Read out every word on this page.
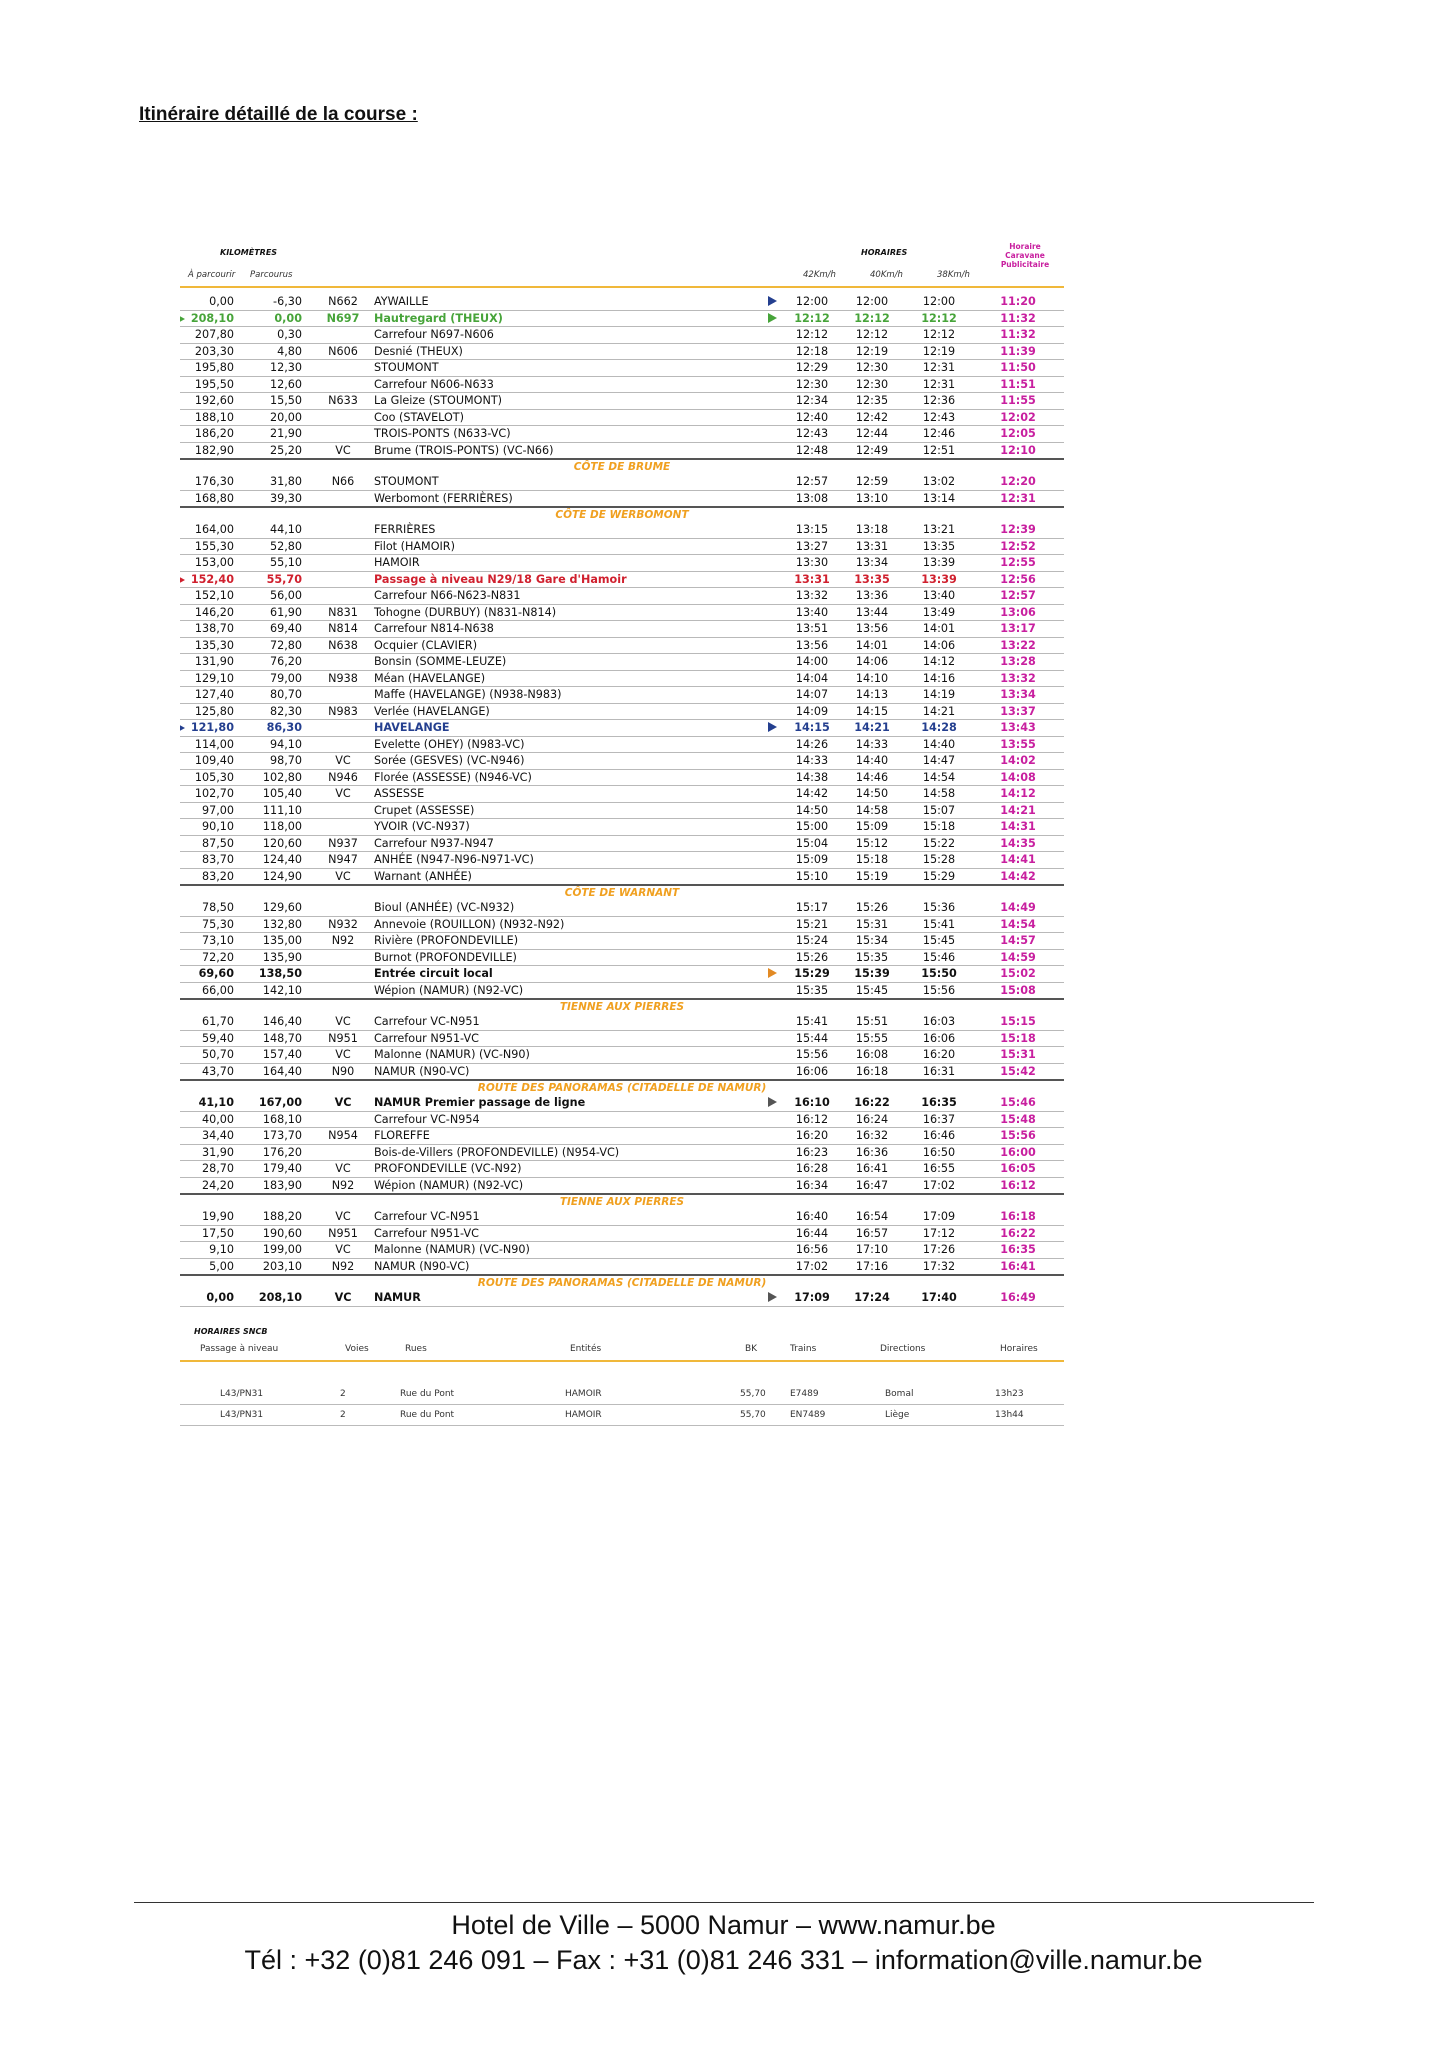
Itinéraire détaillé de la course :
KILOMÈTRES	HORAIRES
Horaire Caravane Publicitaire
À parcourir Parcourus	42Km/h	40Km/h	38Km/h
0,00	-6,30	N662	AYWAILLE		12:00	12:00	12:00	11:20
208,10	0,00	N697	Hautregard (THEUX)		12:12	12:12	12:12	11:32
207,80	0,30		Carrefour N697-N606		12:12	12:12	12:12	11:32
203,30	4,80	N606	Desnié (THEUX)		12:18	12:19	12:19	11:39
195,80	12,30		STOUMONT		12:29	12:30	12:31	11:50
195,50	12,60		Carrefour N606-N633		12:30	12:30	12:31	11:51
192,60	15,50	N633	La Gleize (STOUMONT)		12:34	12:35	12:36	11:55
188,10	20,00		Coo (STAVELOT)		12:40	12:42	12:43	12:02
186,20	21,90		TROIS-PONTS (N633-VC)		12:43	12:44	12:46	12:05
182,90	25,20	VC	Brume (TROIS-PONTS) (VC-N66)		12:48	12:49	12:51	12:10
CÔTE DE BRUME								
176,30	31,80	N66	STOUMONT		12:57	12:59	13:02	12:20
168,80	39,30		Werbomont (FERRIÈRES)		13:08	13:10	13:14	12:31
CÔTE DE WERBOMONT								
164,00	44,10		FERRIÈRES		13:15	13:18	13:21	12:39
155,30	52,80		Filot (HAMOIR)		13:27	13:31	13:35	12:52
153,00	55,10		HAMOIR		13:30	13:34	13:39	12:55
152,40	55,70		Passage à niveau N29/18 Gare d'Hamoir		13:31	13:35	13:39	12:56
152,10	56,00		Carrefour N66-N623-N831		13:32	13:36	13:40	12:57
146,20	61,90	N831	Tohogne (DURBUY) (N831-N814)		13:40	13:44	13:49	13:06
138,70	69,40	N814	Carrefour N814-N638		13:51	13:56	14:01	13:17
135,30	72,80	N638	Ocquier (CLAVIER)		13:56	14:01	14:06	13:22
131,90	76,20		Bonsin (SOMME-LEUZE)		14:00	14:06	14:12	13:28
129,10	79,00	N938	Méan (HAVELANGE)		14:04	14:10	14:16	13:32
127,40	80,70		Maffe (HAVELANGE) (N938-N983)		14:07	14:13	14:19	13:34
125,80	82,30	N983	Verlée (HAVELANGE)		14:09	14:15	14:21	13:37
121,80	86,30		HAVELANGE		14:15	14:21	14:28	13:43
114,00	94,10		Evelette (OHEY) (N983-VC)		14:26	14:33	14:40	13:55
109,40	98,70	VC	Sorée (GESVES) (VC-N946)		14:33	14:40	14:47	14:02
105,30	102,80	N946	Florée (ASSESSE) (N946-VC)		14:38	14:46	14:54	14:08
102,70	105,40	VC	ASSESSE		14:42	14:50	14:58	14:12
97,00	111,10		Crupet (ASSESSE)		14:50	14:58	15:07	14:21
90,10	118,00		YVOIR (VC-N937)		15:00	15:09	15:18	14:31
87,50	120,60	N937	Carrefour N937-N947		15:04	15:12	15:22	14:35
83,70	124,40	N947	ANHÉE (N947-N96-N971-VC)		15:09	15:18	15:28	14:41
83,20	124,90	VC	Warnant (ANHÉE)		15:10	15:19	15:29	14:42
CÔTE DE WARNANT								
78,50	129,60		Bioul (ANHÉE) (VC-N932)		15:17	15:26	15:36	14:49
75,30	132,80	N932	Annevoie (ROUILLON) (N932-N92)		15:21	15:31	15:41	14:54
73,10	135,00	N92	Rivière (PROFONDEVILLE)		15:24	15:34	15:45	14:57
72,20	135,90		Burnot (PROFONDEVILLE)		15:26	15:35	15:46	14:59
69,60	138,50		Entrée circuit local		15:29	15:39	15:50	15:02
66,00	142,10		Wépion (NAMUR) (N92-VC)		15:35	15:45	15:56	15:08
TIENNE AUX PIERRES								
61,70	146,40	VC	Carrefour VC-N951		15:41	15:51	16:03	15:15
59,40	148,70	N951	Carrefour N951-VC		15:44	15:55	16:06	15:18
50,70	157,40	VC	Malonne (NAMUR) (VC-N90)		15:56	16:08	16:20	15:31
43,70	164,40	N90	NAMUR (N90-VC)		16:06	16:18	16:31	15:42
ROUTE DES PANORAMAS (CITADELLE DE NAMUR)								
41,10	167,00	VC	NAMUR Premier passage de ligne		16:10	16:22	16:35	15:46
40,00	168,10		Carrefour VC-N954		16:12	16:24	16:37	15:48
34,40	173,70	N954	FLOREFFE		16:20	16:32	16:46	15:56
31,90	176,20		Bois-de-Villers (PROFONDEVILLE) (N954-VC)		16:23	16:36	16:50	16:00
28,70	179,40	VC	PROFONDEVILLE (VC-N92)		16:28	16:41	16:55	16:05
24,20	183,90	N92	Wépion (NAMUR) (N92-VC)		16:34	16:47	17:02	16:12
TIENNE AUX PIERRES								
19,90	188,20	VC	Carrefour VC-N951		16:40	16:54	17:09	16:18
17,50	190,60	N951	Carrefour N951-VC		16:44	16:57	17:12	16:22
9,10	199,00	VC	Malonne (NAMUR) (VC-N90)		16:56	17:10	17:26	16:35
5,00	203,10	N92	NAMUR (N90-VC)		17:02	17:16	17:32	16:41
ROUTE DES PANORAMAS (CITADELLE DE NAMUR)								
0,00	208,10	VC	NAMUR		17:09	17:24	17:40	16:49
HORAIRES SNCB
Passage à niveau	Voies	Rues	Entités	BK	Trains	Directions	Horaires
L43/PN31	2	Rue du Pont	HAMOIR	55,70	E7489	Bomal	13h23
L43/PN31	2	Rue du Pont	HAMOIR	55,70	EN7489	Liège	13h44
Hotel de Ville – 5000 Namur – www.namur.be
Tél : +32 (0)81 246 091 – Fax : +31 (0)81 246 331 – information@ville.namur.be
